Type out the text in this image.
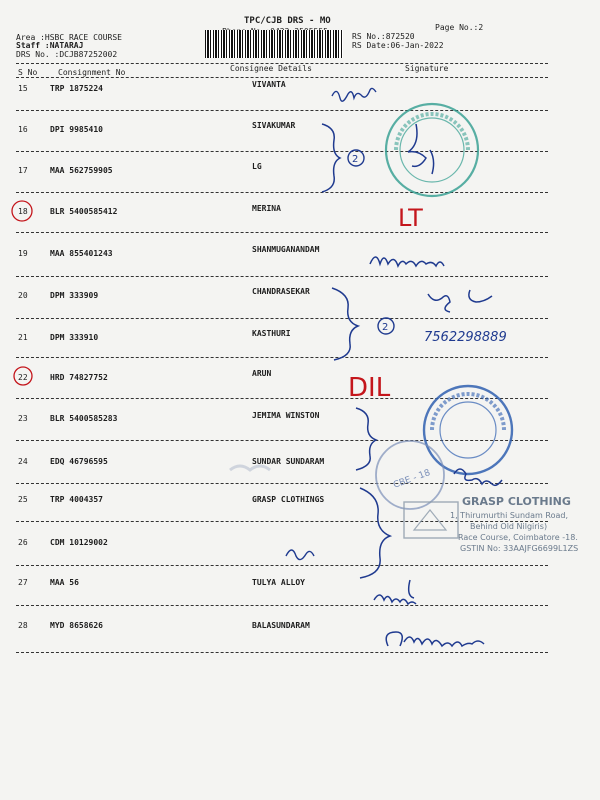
TPC/CJB DRS - MO
Page No.:2
Area :HSBC RACE COURSE
Staff :NATARAJ
DRS No. :DCJB87252002
RS No.:872520
RS Date:06-Jan-2022
S No	Consignment No	Consignee Details	Signature
15	TRP 1875224	VIVANTA
16	DPI 9985410	SIVAKUMAR
17	MAA 562759905	LG
18	BLR 5400585412	MERINA
19	MAA 855401243	SHANMUGANANDAM
20	DPM 333909	CHANDRASEKAR
21	DPM 333910	KASTHURI
22	HRD 74827752	ARUN
23	BLR 5400585283	JEMIMA WINSTON
24	EDQ 46796595	SUNDAR SUNDARAM
25	TRP 4004357	GRASP CLOTHINGS
26	CDM 10129002
27	MAA 56	TULYA ALLOY
28	MYD 8658626	BALASUNDARAM
2
LT
2
7562298889
DIL
CBE - 18
GRASP CLOTHING
1, Thirumurthi Sundam Road,
Behind Old Nilgiris)
Race Course, Coimbatore -18.
GSTIN No: 33AAJFG6699L1ZS
